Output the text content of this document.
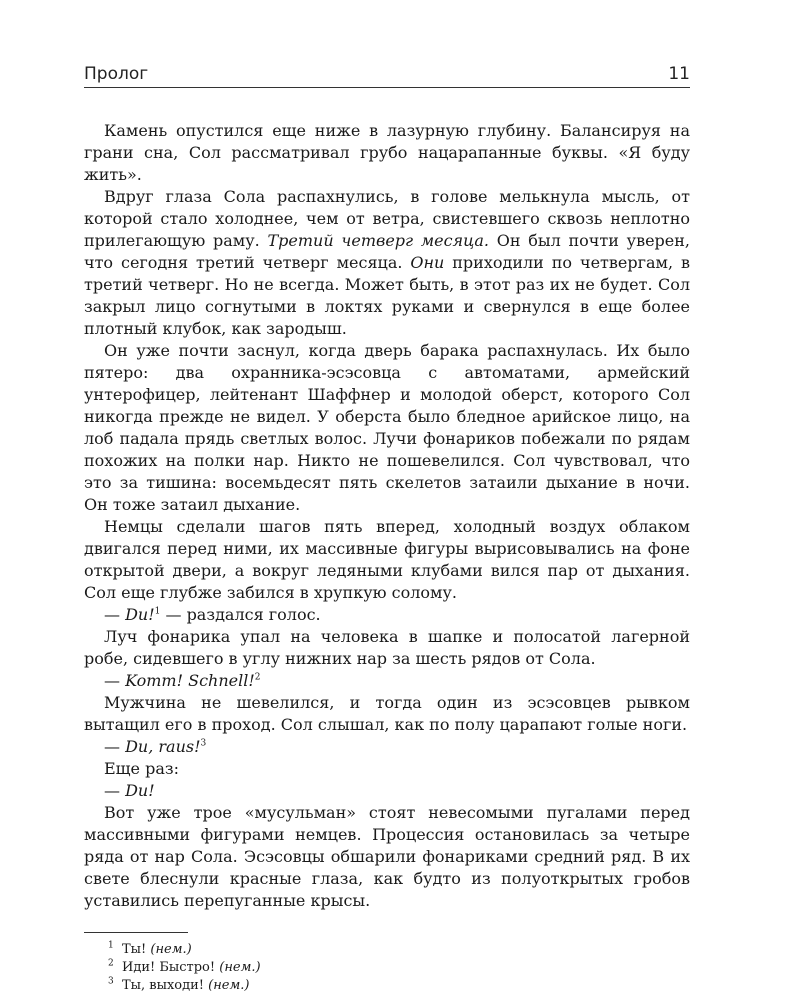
Пролог	11

Камень опустился еще ниже в лазурную глубину. Балансируя на грани сна, Сол рассматривал грубо нацарапанные буквы. «Я буду жить».

Вдруг глаза Сола распахнулись, в голове мелькнула мысль, от которой стало холоднее, чем от ветра, свистевшего сквозь неплотно прилегающую раму. Третий четверг месяца. Он был почти уверен, что сегодня третий четверг месяца. Они приходили по четвергам, в третий четверг. Но не всегда. Может быть, в этот раз их не будет. Сол закрыл лицо согнутыми в локтях руками и свернулся в еще более плотный клубок, как зародыш.

Он уже почти заснул, когда дверь барака распахнулась. Их было пятеро: два охранника-эсэсовца с автоматами, армейский унтерофицер, лейтенант Шаффнер и молодой оберст, которого Сол никогда прежде не видел. У оберста было бледное арийское лицо, на лоб падала прядь светлых волос. Лучи фонариков побежали по рядам похожих на полки нар. Никто не пошевелился. Сол чувствовал, что это за тишина: восемьдесят пять скелетов затаили дыхание в ночи. Он тоже затаил дыхание.

Немцы сделали шагов пять вперед, холодный воздух облаком двигался перед ними, их массивные фигуры вырисовывались на фоне открытой двери, а вокруг ледяными клубами вился пар от дыхания. Сол еще глубже забился в хрупкую солому.

— Du!$^1$ — раздался голос.

Луч фонарика упал на человека в шапке и полосатой лагерной робе, сидевшего в углу нижних нар за шесть рядов от Сола.

— Komm! Schnell!$^2$

Мужчина не шевелился, и тогда один из эсэсовцев рывком вытащил его в проход. Сол слышал, как по полу царапают голые ноги.

— Du, raus!$^3$

Еще раз:

— Du!

Вот уже трое «мусульман» стоят невесомыми пугалами перед массивными фигурами немцев. Процессия остановилась за четыре ряда от нар Сола. Эсэсовцы обшарили фонариками средний ряд. В их свете блеснули красные глаза, как будто из полуоткрытых гробов уставились перепуганные крысы.

$^1$ Ты! (нем.)
$^2$ Иди! Быстро! (нем.)
$^3$ Ты, выходи! (нем.)
